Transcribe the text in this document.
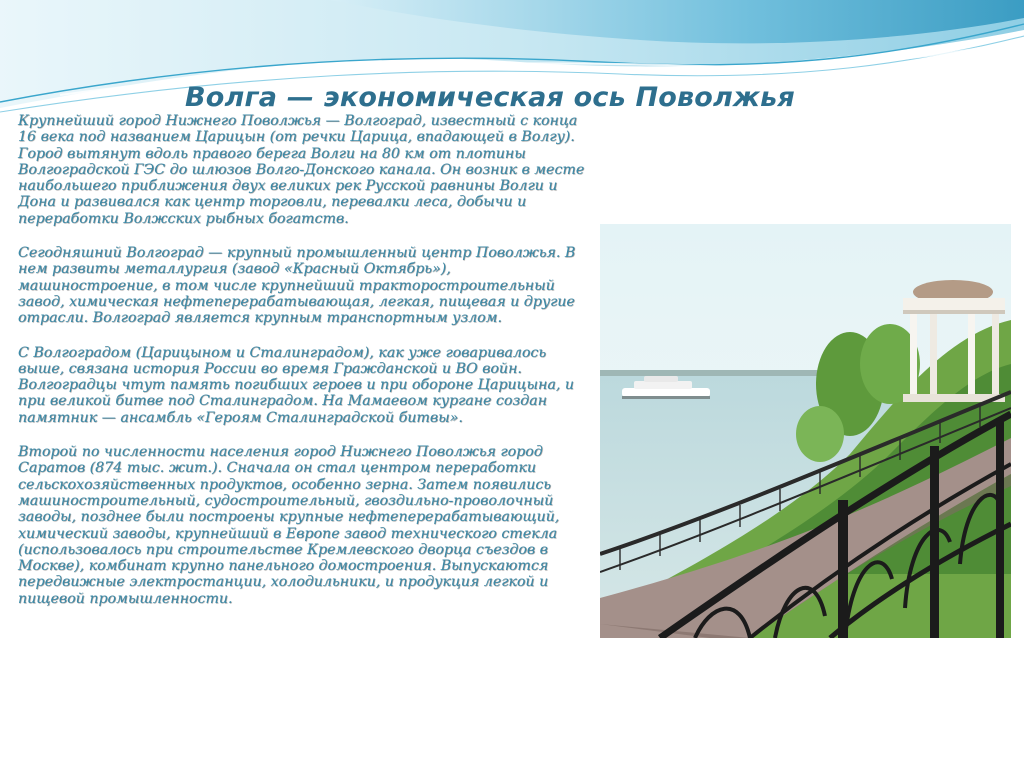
Волга — экономическая ось Поволжья

Крупнейший город Нижнего Поволжья — Волгоград, известный с конца 16 века под названием Царицын (от речки Царица, впадающей в Волгу). Город вытянут вдоль правого берега Волги на 80 км от плотины Волгоградской ГЭС до шлюзов Волго-Донского канала. Он возник в месте наибольшего приближения двух великих рек Русской равнины Волги и Дона и развивался как центр торговли, перевалки леса, добычи и переработки Волжских рыбных богатств.

Сегодняшний Волгоград — крупный промышленный центр Поволжья. В нем развиты металлургия (завод «Красный Октябрь»), машиностроение, в том числе крупнейший тракторостроительный завод, химическая нефтеперерабатывающая, легкая, пищевая и другие отрасли. Волгоград является крупным транспортным узлом.

С Волгоградом (Царицыном и Сталинградом), как уже говаривалось выше, связана история России во время Гражданской и ВО войн. Волгоградцы чтут память погибших героев и при обороне Царицына, и при великой битве под Сталинградом. На Мамаевом кургане создан памятник — ансамбль «Героям Сталинградской битвы».

Второй по численности населения город Нижнего Поволжья город Саратов (874 тыс. жит.). Сначала он стал центром переработки сельскохозяйственных продуктов, особенно зерна. Затем появились машиностроительный, судостроительный, гвоздильно-проволочный заводы, позднее были построены крупные нефтеперерабатывающий, химический заводы, крупнейший в Европе завод технического стекла (использовалось при строительстве Кремлевского дворца съездов в Москве), комбинат крупно панельного домостроения. Выпускаются передвижные электростанции, холодильники, и продукция легкой и пищевой промышленности.
